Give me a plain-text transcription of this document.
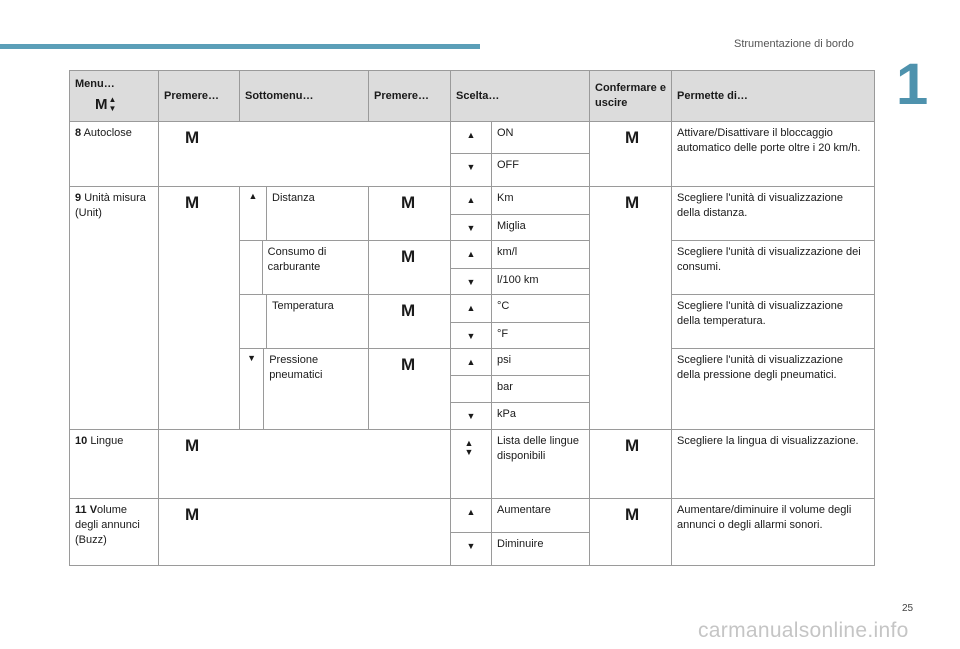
Strumentazione di bordo
1
Menu…
M▲
▼	Premere…	Sottomenu…	Premere…	Scelta…		Confermare e uscire	Permette di…
8 Autoclose	M			▲	ON	M	Attivare/Disattivare il bloccaggio automatico delle porte oltre i 20 km/h.

				▼	OFF		
9 Unità misura (Unit)	M	▲ Distanza	M	▲	Km	M	Scegliere l'unità di visualizzazione della distanza.

				▼	Miglia		

		Consumo di carburante	M	▲	km/l		Scegliere l'unità di visualizzazione dei consumi.

				▼	l/100 km		

		Temperatura	M	▲	°C		Scegliere l'unità di visualizzazione della temperatura.

				▼	°F		

		▼ Pressione pneumatici	M	▲	psi		Scegliere l'unità di visualizzazione della pressione degli pneumatici.
					bar		

				▼	kPa		
10 Lingue	M			▲ ▼	Lista delle lingue disponibili	M	Scegliere la lingua di visualizzazione.
11 Volume degli annunci (Buzz)	M			▲	Aumentare	M	Aumentare/diminuire il volume degli annunci o degli allarmi sonori.

				▼	Diminuire		
25
carmanualsonline.info
